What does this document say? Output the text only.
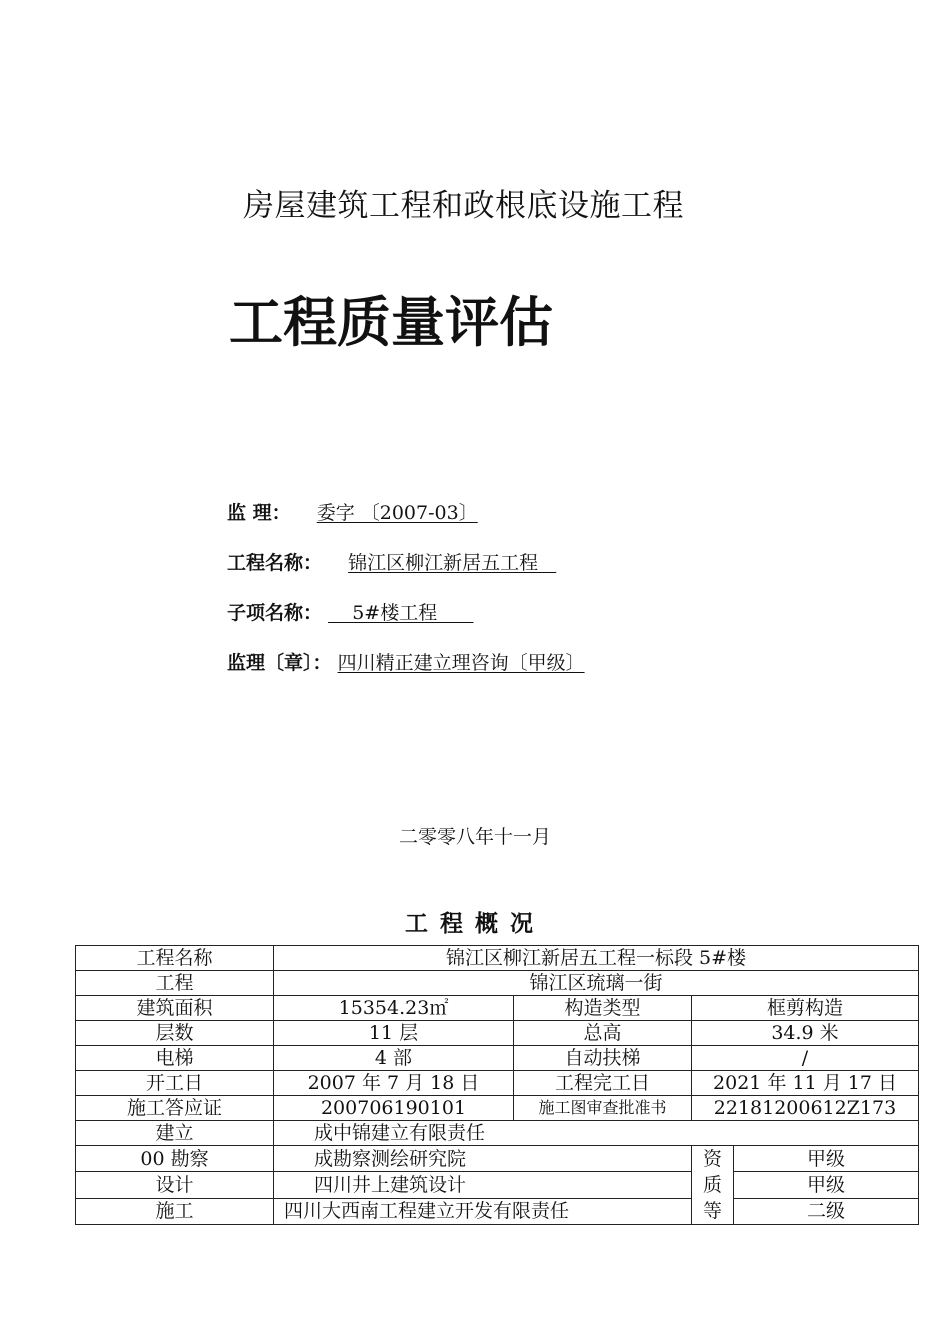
房屋建筑工程和政根底设施工程
工程质量评估
监 理： 委字 〔2007-03〕
工程名称： 锦江区柳江新居五工程
子项名称：     5#楼工程
监理〔章〕： 四川精正建立理咨询〔甲级〕
二零零八年十一月
工程概况
工程名称	锦江区柳江新居五工程一标段 5#楼			
工程	锦江区琉璃一街			
建筑面积	15354.23㎡	构造类型	框剪构造	
层数	11 层	总高	34.9 米	
电梯	4 部	自动扶梯	/	
开工日	2007 年 7 月 18 日	工程完工日	2021 年 11 月 17 日	
施工答应证	200706190101	施工图审查批准书	22181200612Z173	
建立	成中锦建立有限责任			
00 勘察	成勘察测绘研究院		资质等	甲级
设计	四川井上建筑设计			甲级
施工	四川大西南工程建立开发有限责任			二级
